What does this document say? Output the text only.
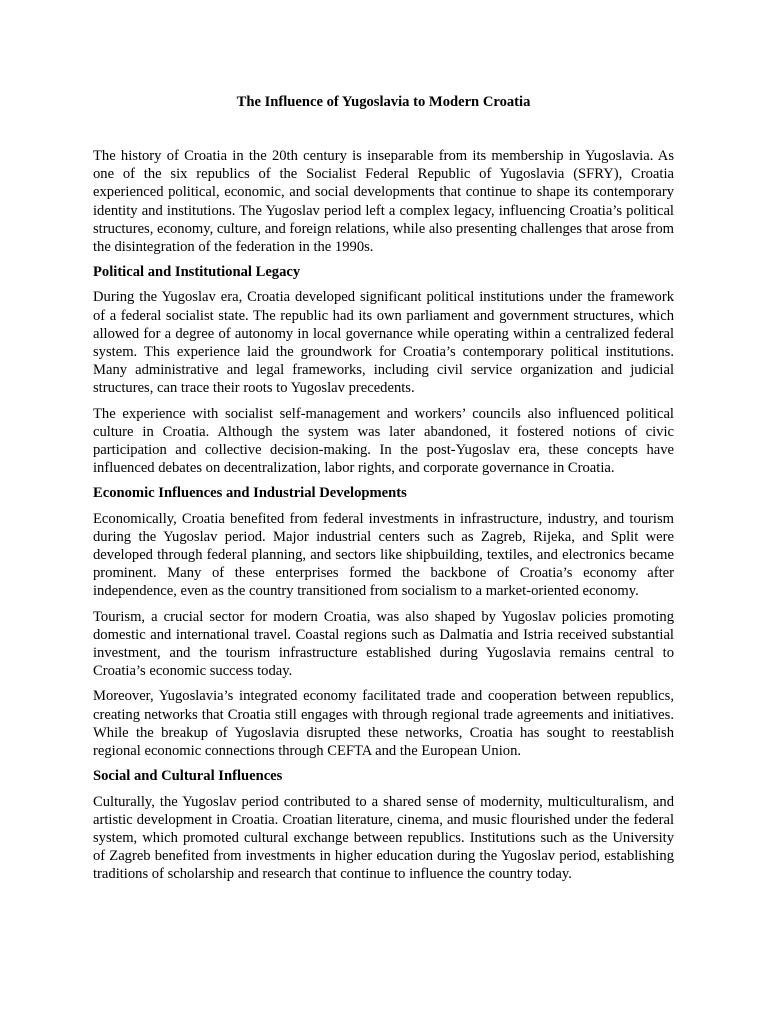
The Influence of Yugoslavia to Modern Croatia

The history of Croatia in the 20th century is inseparable from its membership in Yugoslavia. As one of the six republics of the Socialist Federal Republic of Yugoslavia (SFRY), Croatia experienced political, economic, and social developments that continue to shape its contemporary identity and institutions. The Yugoslav period left a complex legacy, influencing Croatia’s political structures, economy, culture, and foreign relations, while also presenting challenges that arose from the disintegration of the federation in the 1990s.

Political and Institutional Legacy

During the Yugoslav era, Croatia developed significant political institutions under the framework of a federal socialist state. The republic had its own parliament and government structures, which allowed for a degree of autonomy in local governance while operating within a centralized federal system. This experience laid the groundwork for Croatia’s contemporary political institutions. Many administrative and legal frameworks, including civil service organization and judicial structures, can trace their roots to Yugoslav precedents.

The experience with socialist self-management and workers’ councils also influenced political culture in Croatia. Although the system was later abandoned, it fostered notions of civic participation and collective decision-making. In the post-Yugoslav era, these concepts have influenced debates on decentralization, labor rights, and corporate governance in Croatia.

Economic Influences and Industrial Developments

Economically, Croatia benefited from federal investments in infrastructure, industry, and tourism during the Yugoslav period. Major industrial centers such as Zagreb, Rijeka, and Split were developed through federal planning, and sectors like shipbuilding, textiles, and electronics became prominent. Many of these enterprises formed the backbone of Croatia’s economy after independence, even as the country transitioned from socialism to a market-oriented economy.

Tourism, a crucial sector for modern Croatia, was also shaped by Yugoslav policies promoting domestic and international travel. Coastal regions such as Dalmatia and Istria received substantial investment, and the tourism infrastructure established during Yugoslavia remains central to Croatia’s economic success today.

Moreover, Yugoslavia’s integrated economy facilitated trade and cooperation between republics, creating networks that Croatia still engages with through regional trade agreements and initiatives. While the breakup of Yugoslavia disrupted these networks, Croatia has sought to reestablish regional economic connections through CEFTA and the European Union.

Social and Cultural Influences

Culturally, the Yugoslav period contributed to a shared sense of modernity, multiculturalism, and artistic development in Croatia. Croatian literature, cinema, and music flourished under the federal system, which promoted cultural exchange between republics. Institutions such as the University of Zagreb benefited from investments in higher education during the Yugoslav period, establishing traditions of scholarship and research that continue to influence the country today.
